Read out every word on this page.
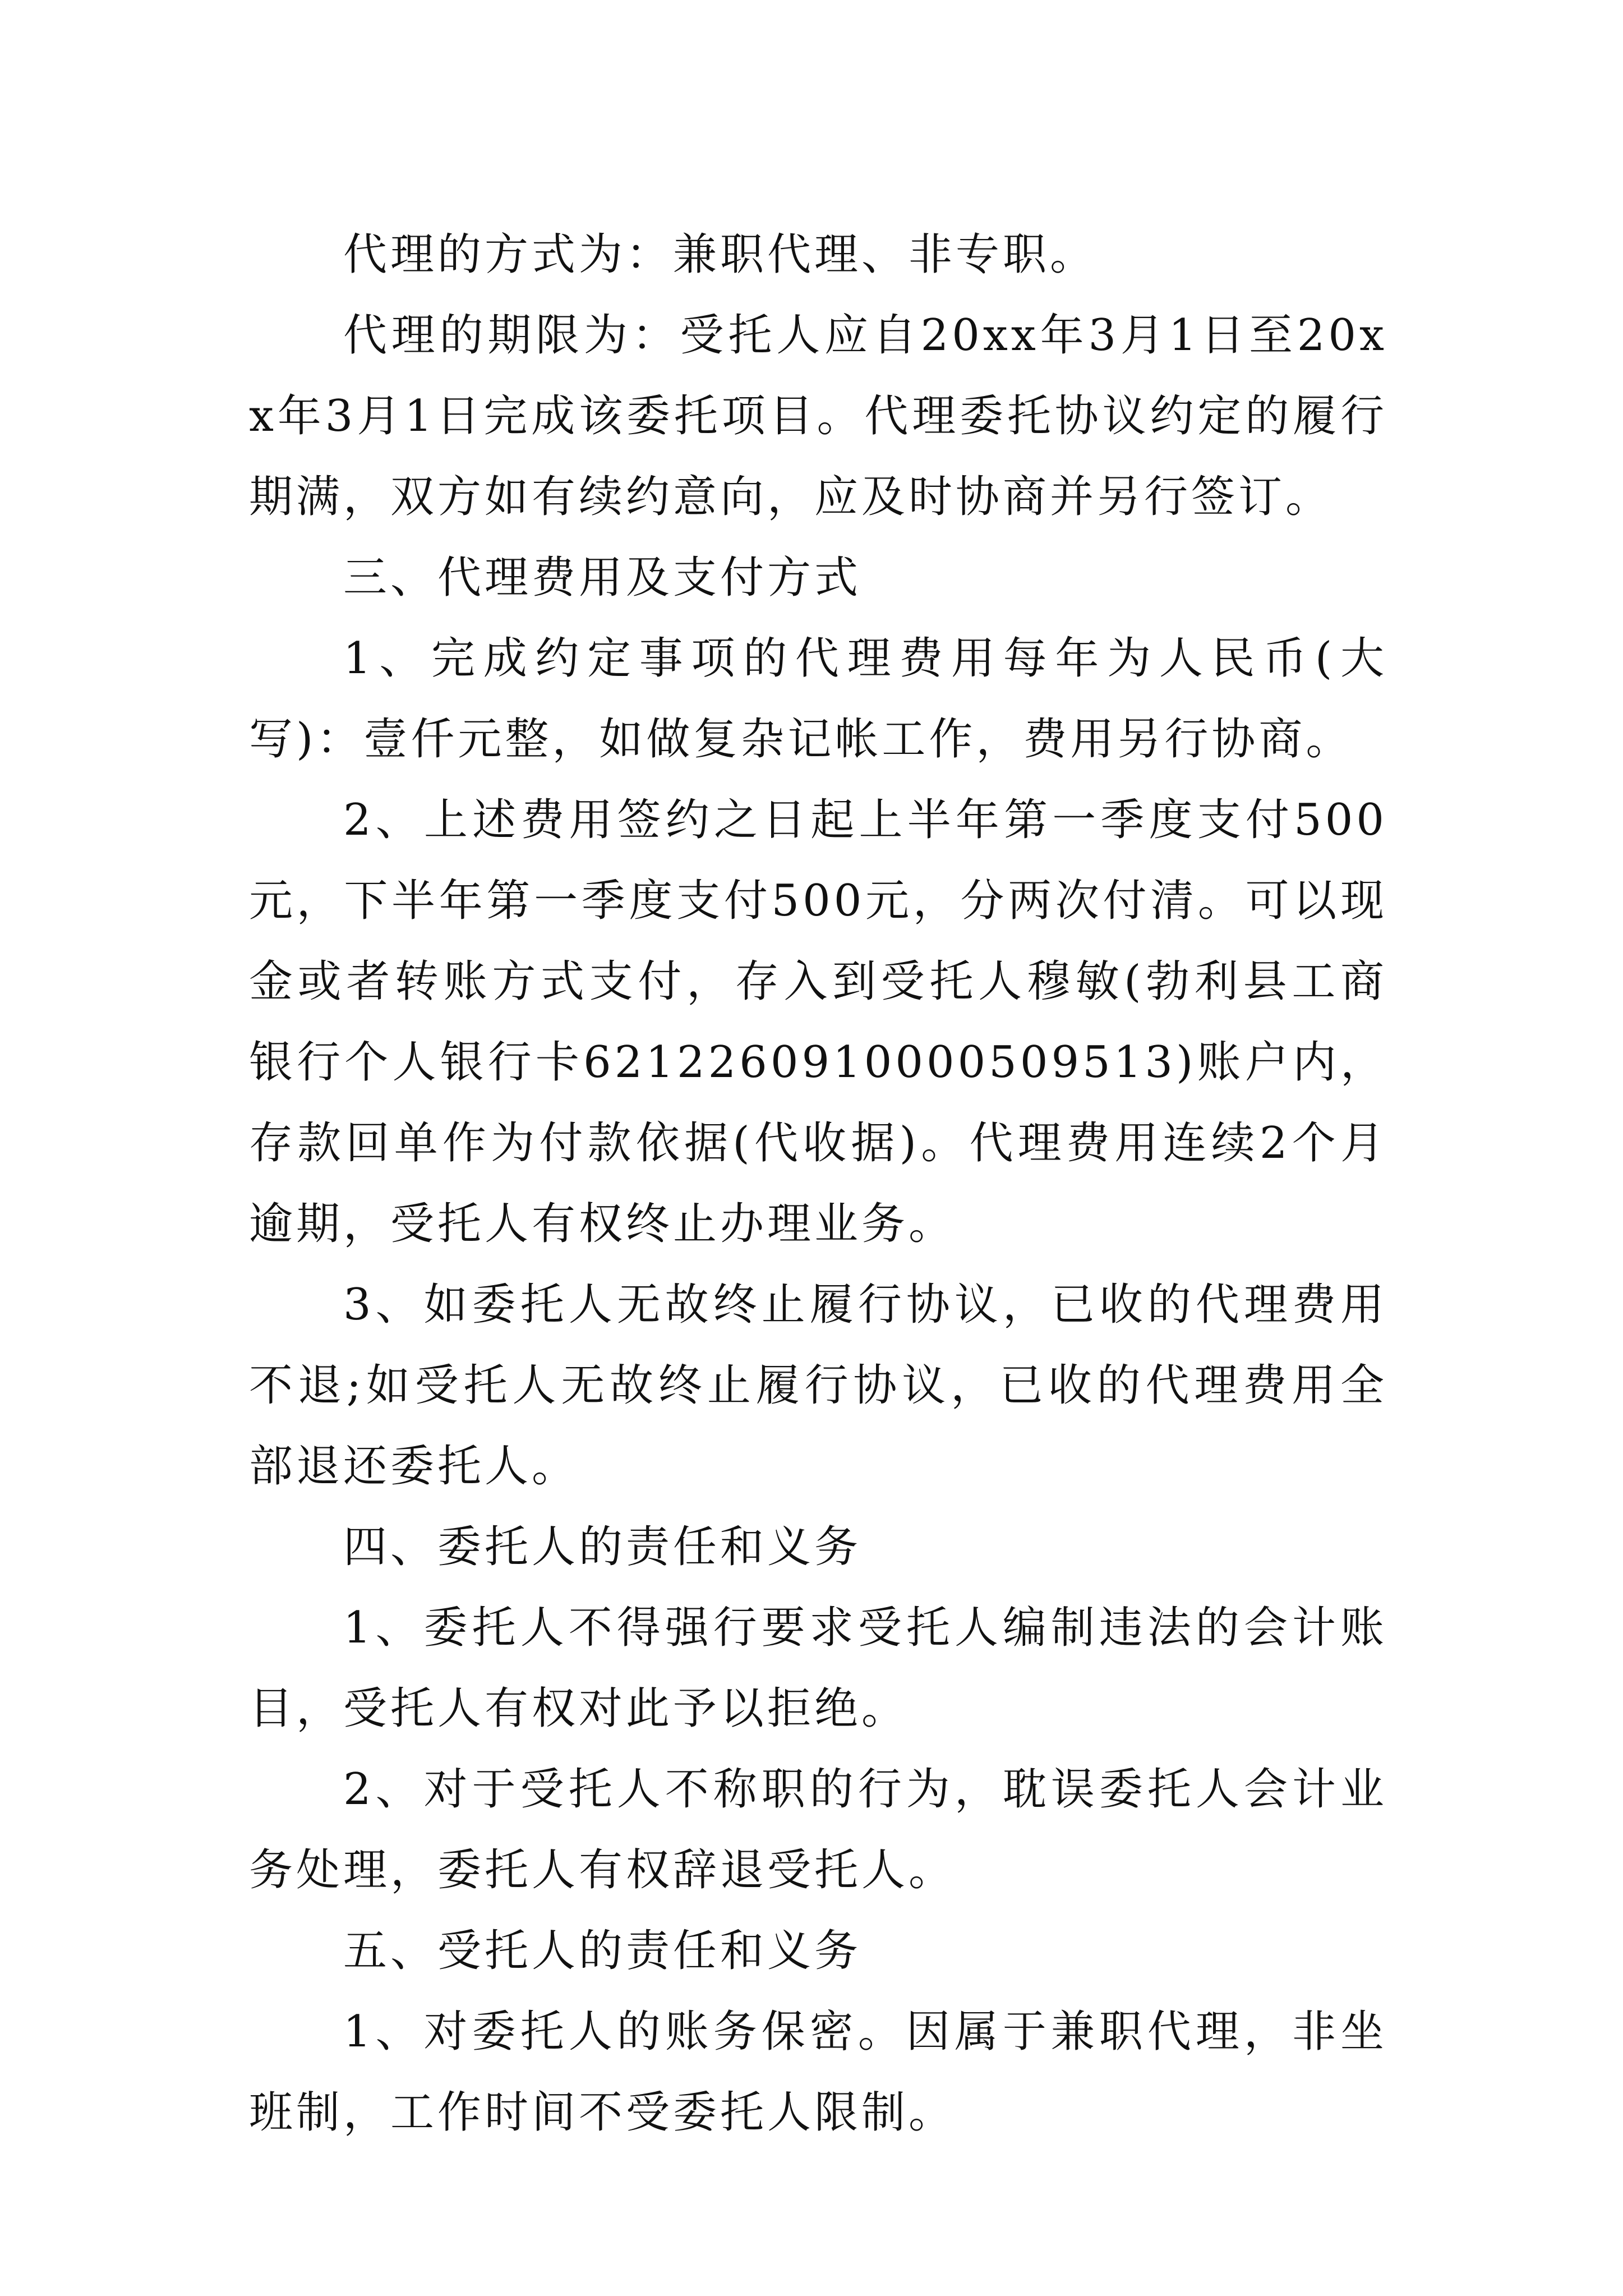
代理的方式为：兼职代理、非专职。

代理的期限为：受托人应自20xx年3月1日至20xx年3月1日完成该委托项目。代理委托协议约定的履行期满，双方如有续约意向，应及时协商并另行签订。

三、代理费用及支付方式

1、完成约定事项的代理费用每年为人民币(大写)：壹仟元整，如做复杂记帐工作，费用另行协商。

2、上述费用签约之日起上半年第一季度支付500元，下半年第一季度支付500元，分两次付清。可以现金或者转账方式支付，存入到受托人穆敏(勃利县工商银行个人银行卡6212260910000509513)账户内，存款回单作为付款依据(代收据)。代理费用连续2个月逾期，受托人有权终止办理业务。

3、如委托人无故终止履行协议，已收的代理费用不退;如受托人无故终止履行协议，已收的代理费用全部退还委托人。

四、委托人的责任和义务

1、委托人不得强行要求受托人编制违法的会计账目，受托人有权对此予以拒绝。

2、对于受托人不称职的行为，耽误委托人会计业务处理，委托人有权辞退受托人。

五、受托人的责任和义务

1、对委托人的账务保密。因属于兼职代理，非坐班制，工作时间不受委托人限制。
